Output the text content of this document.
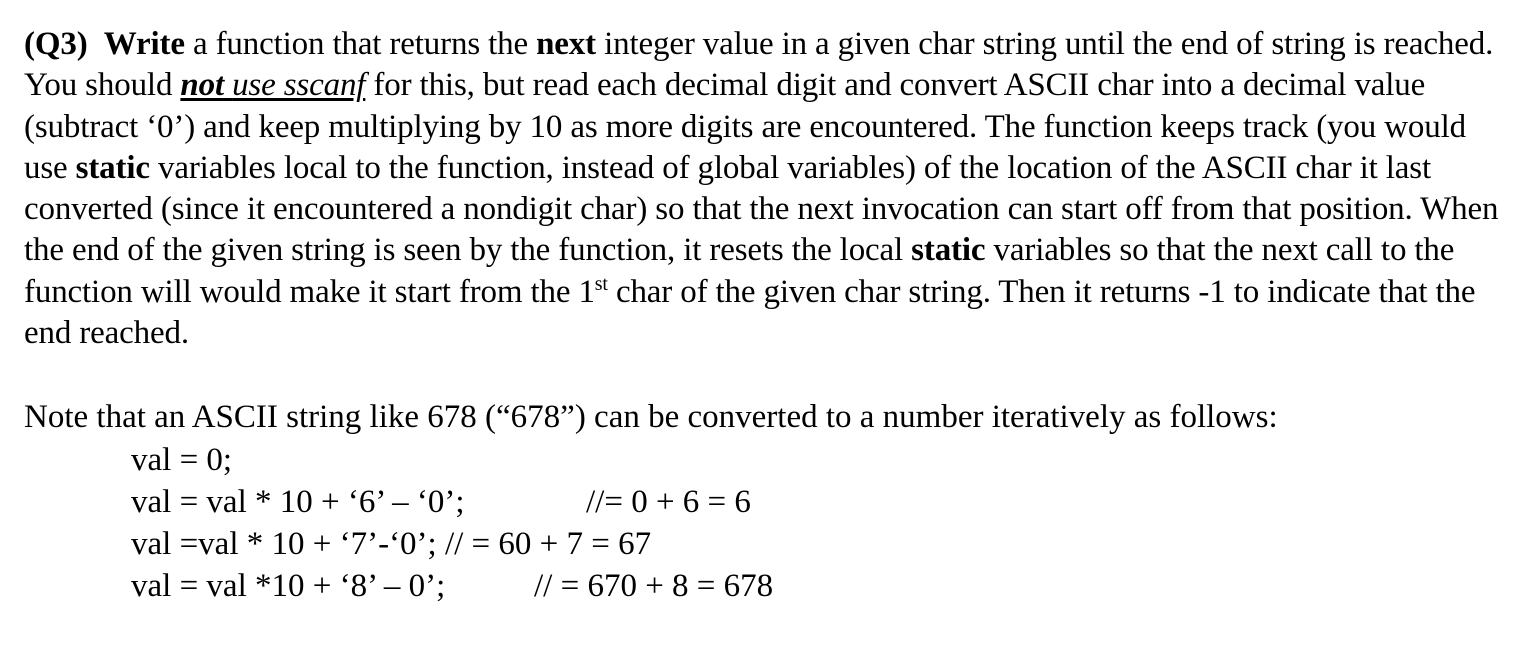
(Q3) Write a function that returns the next integer value in a given char string until the end of string is reached. You should not use sscanf for this, but read each decimal digit and convert ASCII char into a decimal value (subtract ‘0’) and keep multiplying by 10 as more digits are encountered. The function keeps track (you would use static variables local to the function, instead of global variables) of the location of the ASCII char it last converted (since it encountered a nondigit char) so that the next invocation can start off from that position. When the end of the given string is seen by the function, it resets the local static variables so that the next call to the function will would make it start from the 1st char of the given char string. Then it returns -1 to indicate that the end reached.

Note that an ASCII string like 678 (“678”) can be converted to a number iteratively as follows:

val = 0;
val = val * 10 + ‘6’ – ‘0’;	//= 0 + 6 = 6
val =val * 10 + ‘7’-‘0’; // = 60 + 7 = 67
val = val *10 + ‘8’ – 0’;	// = 670 + 8 = 678
